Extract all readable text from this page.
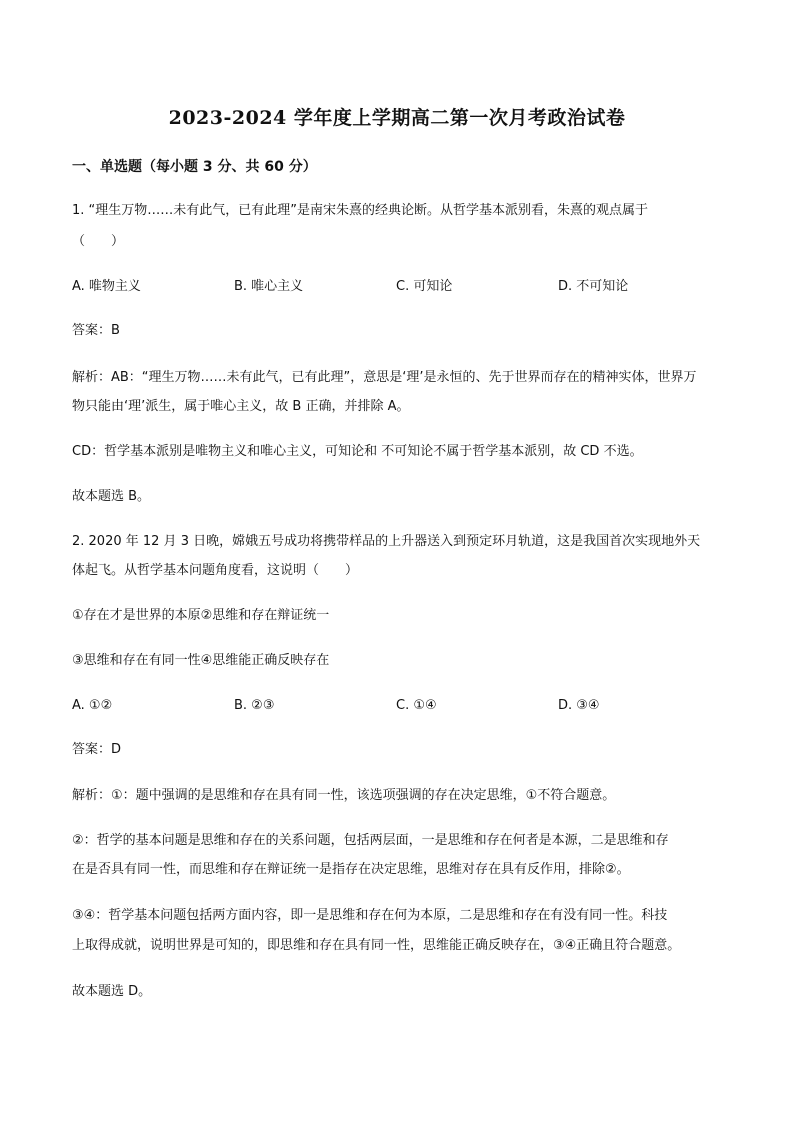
2023-2024 学年度上学期高二第一次月考政治试卷
一、单选题（每小题 3 分、共 60 分）
1. “理生万物……未有此气，已有此理”是南宋朱熹的经典论断。从哲学基本派别看，朱熹的观点属于
（　　）
A. 唯物主义	B. 唯心主义	C. 可知论	D. 不可知论
答案：B
解析：AB：“理生万物……未有此气，已有此理”，意思是‘理’是永恒的、先于世界而存在的精神实体，世界万
物只能由‘理’派生，属于唯心主义，故 B 正确，并排除 A。
CD：哲学基本派别是唯物主义和唯心主义，可知论和 不可知论不属于哲学基本派别，故 CD 不选。
故本题选 B。
2. 2020 年 12 月 3 日晚，嫦娥五号成功将携带样品的上升器送入到预定环月轨道，这是我国首次实现地外天
体起飞。从哲学基本问题角度看，这说明（　　）
①存在才是世界的本原②思维和存在辩证统一
③思维和存在有同一性④思维能正确反映存在
A. ①②	B. ②③	C. ①④	D. ③④
答案：D
解析：①：题中强调的是思维和存在具有同一性，该选项强调的存在决定思维，①不符合题意。
②：哲学的基本问题是思维和存在的关系问题，包括两层面，一是思维和存在何者是本源，二是思维和存
在是否具有同一性，而思维和存在辩证统一是指存在决定思维，思维对存在具有反作用，排除②。
③④：哲学基本问题包括两方面内容，即一是思维和存在何为本原，二是思维和存在有没有同一性。科技
上取得成就，说明世界是可知的，即思维和存在具有同一性，思维能正确反映存在，③④正确且符合题意。
故本题选 D。
